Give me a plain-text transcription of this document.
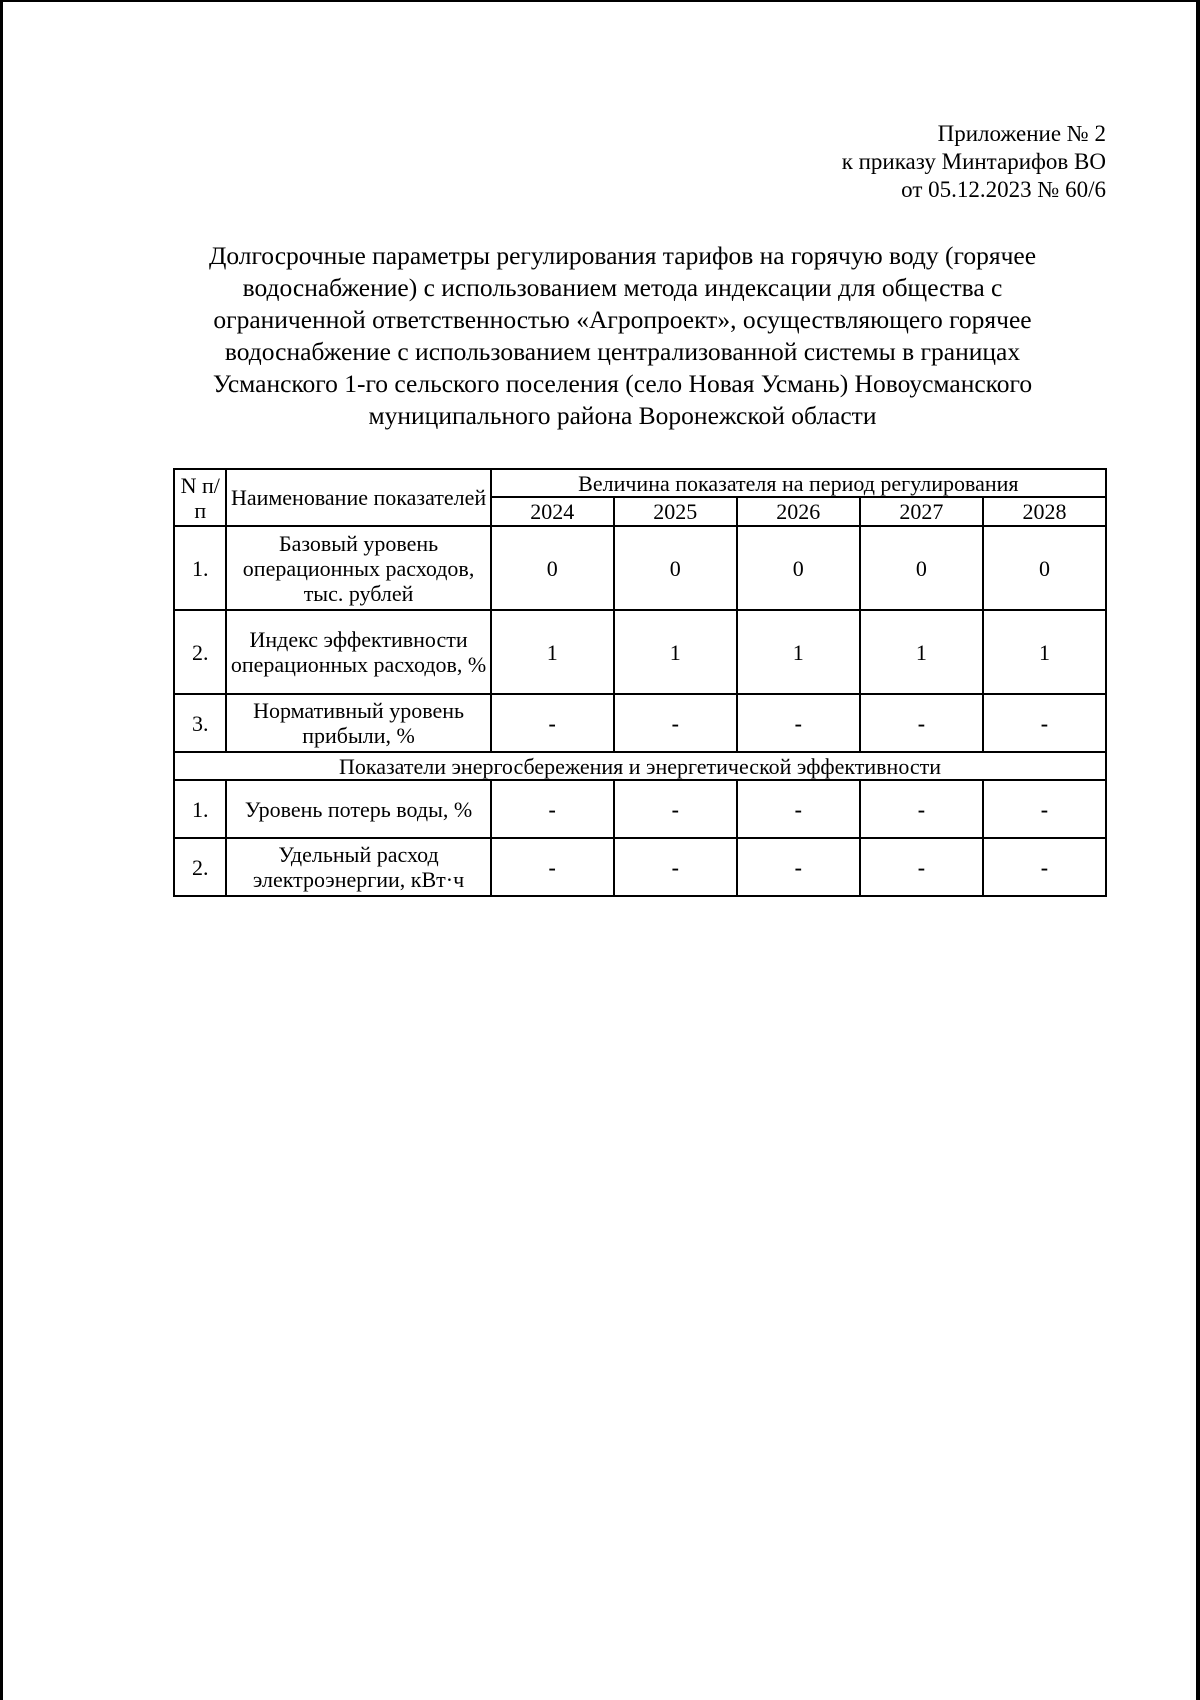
Приложение № 2
к приказу Минтарифов ВО
от 05.12.2023 № 60/6
Долгосрочные параметры регулирования тарифов на горячую воду (горячее
водоснабжение) с использованием метода индексации для общества с
ограниченной ответственностью «Агропроект», осуществляющего горячее
водоснабжение с использованием централизованной системы в границах
Усманского 1-го сельского поселения (село Новая Усмань) Новоусманского
муниципального района Воронежской области
N п/п	Наименование показателей	Величина показателя на период регулирования				
		2024	2025	2026	2027	2028
1.	Базовый уровень операционных расходов, тыс. рублей	0	0	0	0	0
2.	Индекс эффективности операционных расходов, %	1	1	1	1	1
3.	Нормативный уровень прибыли, %	-	-	-	-	-
Показатели энергосбережения и энергетической эффективности						
1.	Уровень потерь воды, %	-	-	-	-	-
2.	Удельный расход электроэнергии, кВт·ч	-	-	-	-	-
